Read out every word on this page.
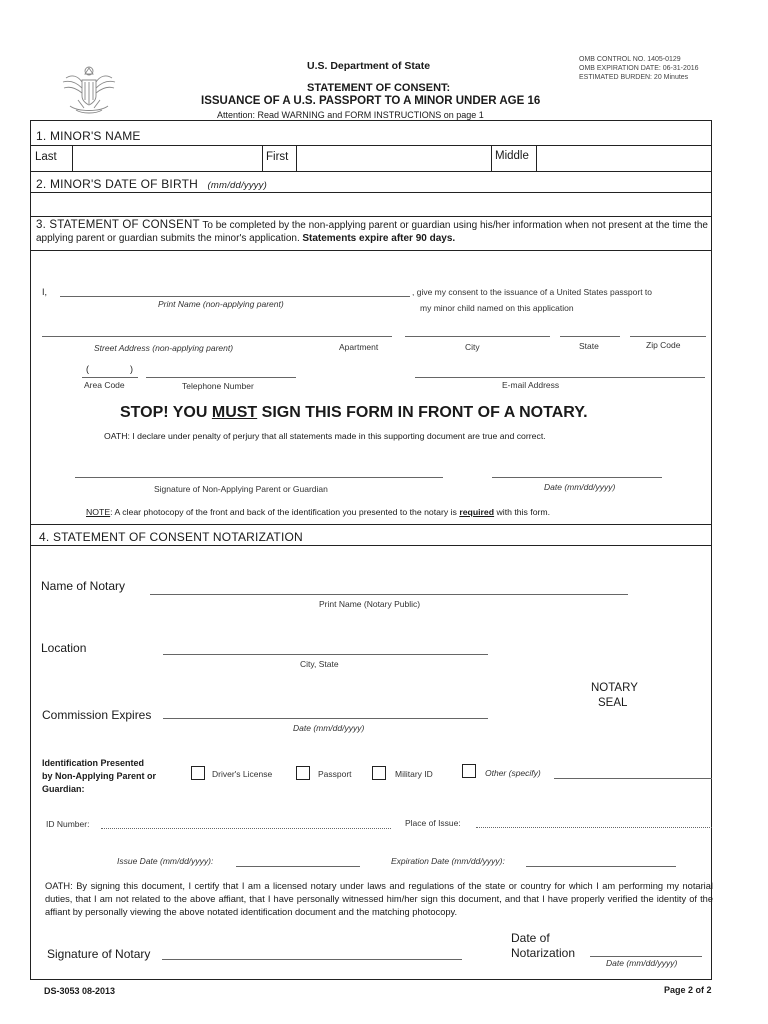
OMB CONTROL NO. 1405-0129
OMB EXPIRATION DATE: 06-31-2016
ESTIMATED BURDEN: 20 Minutes
U.S. Department of State
STATEMENT OF CONSENT:
ISSUANCE OF A U.S. PASSPORT TO A MINOR UNDER AGE 16
Attention: Read WARNING and FORM INSTRUCTIONS on page 1
1. MINOR'S NAME
Last	First	Middle
2. MINOR'S DATE OF BIRTH (mm/dd/yyyy)
3. STATEMENT OF CONSENT To be completed by the non-applying parent or guardian using his/her information when not present at the time the applying parent or guardian submits the minor's application. Statements expire after 90 days.
I,
Print Name (non-applying parent)
, give my consent to the issuance of a United States passport to
my minor child named on this application
Street Address (non-applying parent)	Apartment	City	State	Zip Code
(	)
Area Code	Telephone Number	E-mail Address
STOP! YOU MUST SIGN THIS FORM IN FRONT OF A NOTARY.
OATH: I declare under penalty of perjury that all statements made in this supporting document are true and correct.
Signature of Non-Applying Parent or Guardian	Date (mm/dd/yyyy)
NOTE: A clear photocopy of the front and back of the identification you presented to the notary is required with this form.
4. STATEMENT OF CONSENT NOTARIZATION
Name of Notary
Print Name (Notary Public)
Location
City, State
NOTARY
SEAL
Commission Expires
Date (mm/dd/yyyy)
Identification Presented
by Non-Applying Parent or
Guardian:
Driver's License	Passport	Military ID	Other (specify)
ID Number:	Place of Issue:
Issue Date (mm/dd/yyyy):	Expiration Date (mm/dd/yyyy):
OATH: By signing this document, I certify that I am a licensed notary under laws and regulations of the state or country for which I am performing my notarial duties, that I am not related to the above affiant, that I have personally witnessed him/her sign this document, and that I have properly verified the identity of the affiant by personally viewing the above notated identification document and the matching photocopy.
Signature of Notary
Date of
Notarization
Date (mm/dd/yyyy)
DS-3053 08-2013	Page 2 of 2
